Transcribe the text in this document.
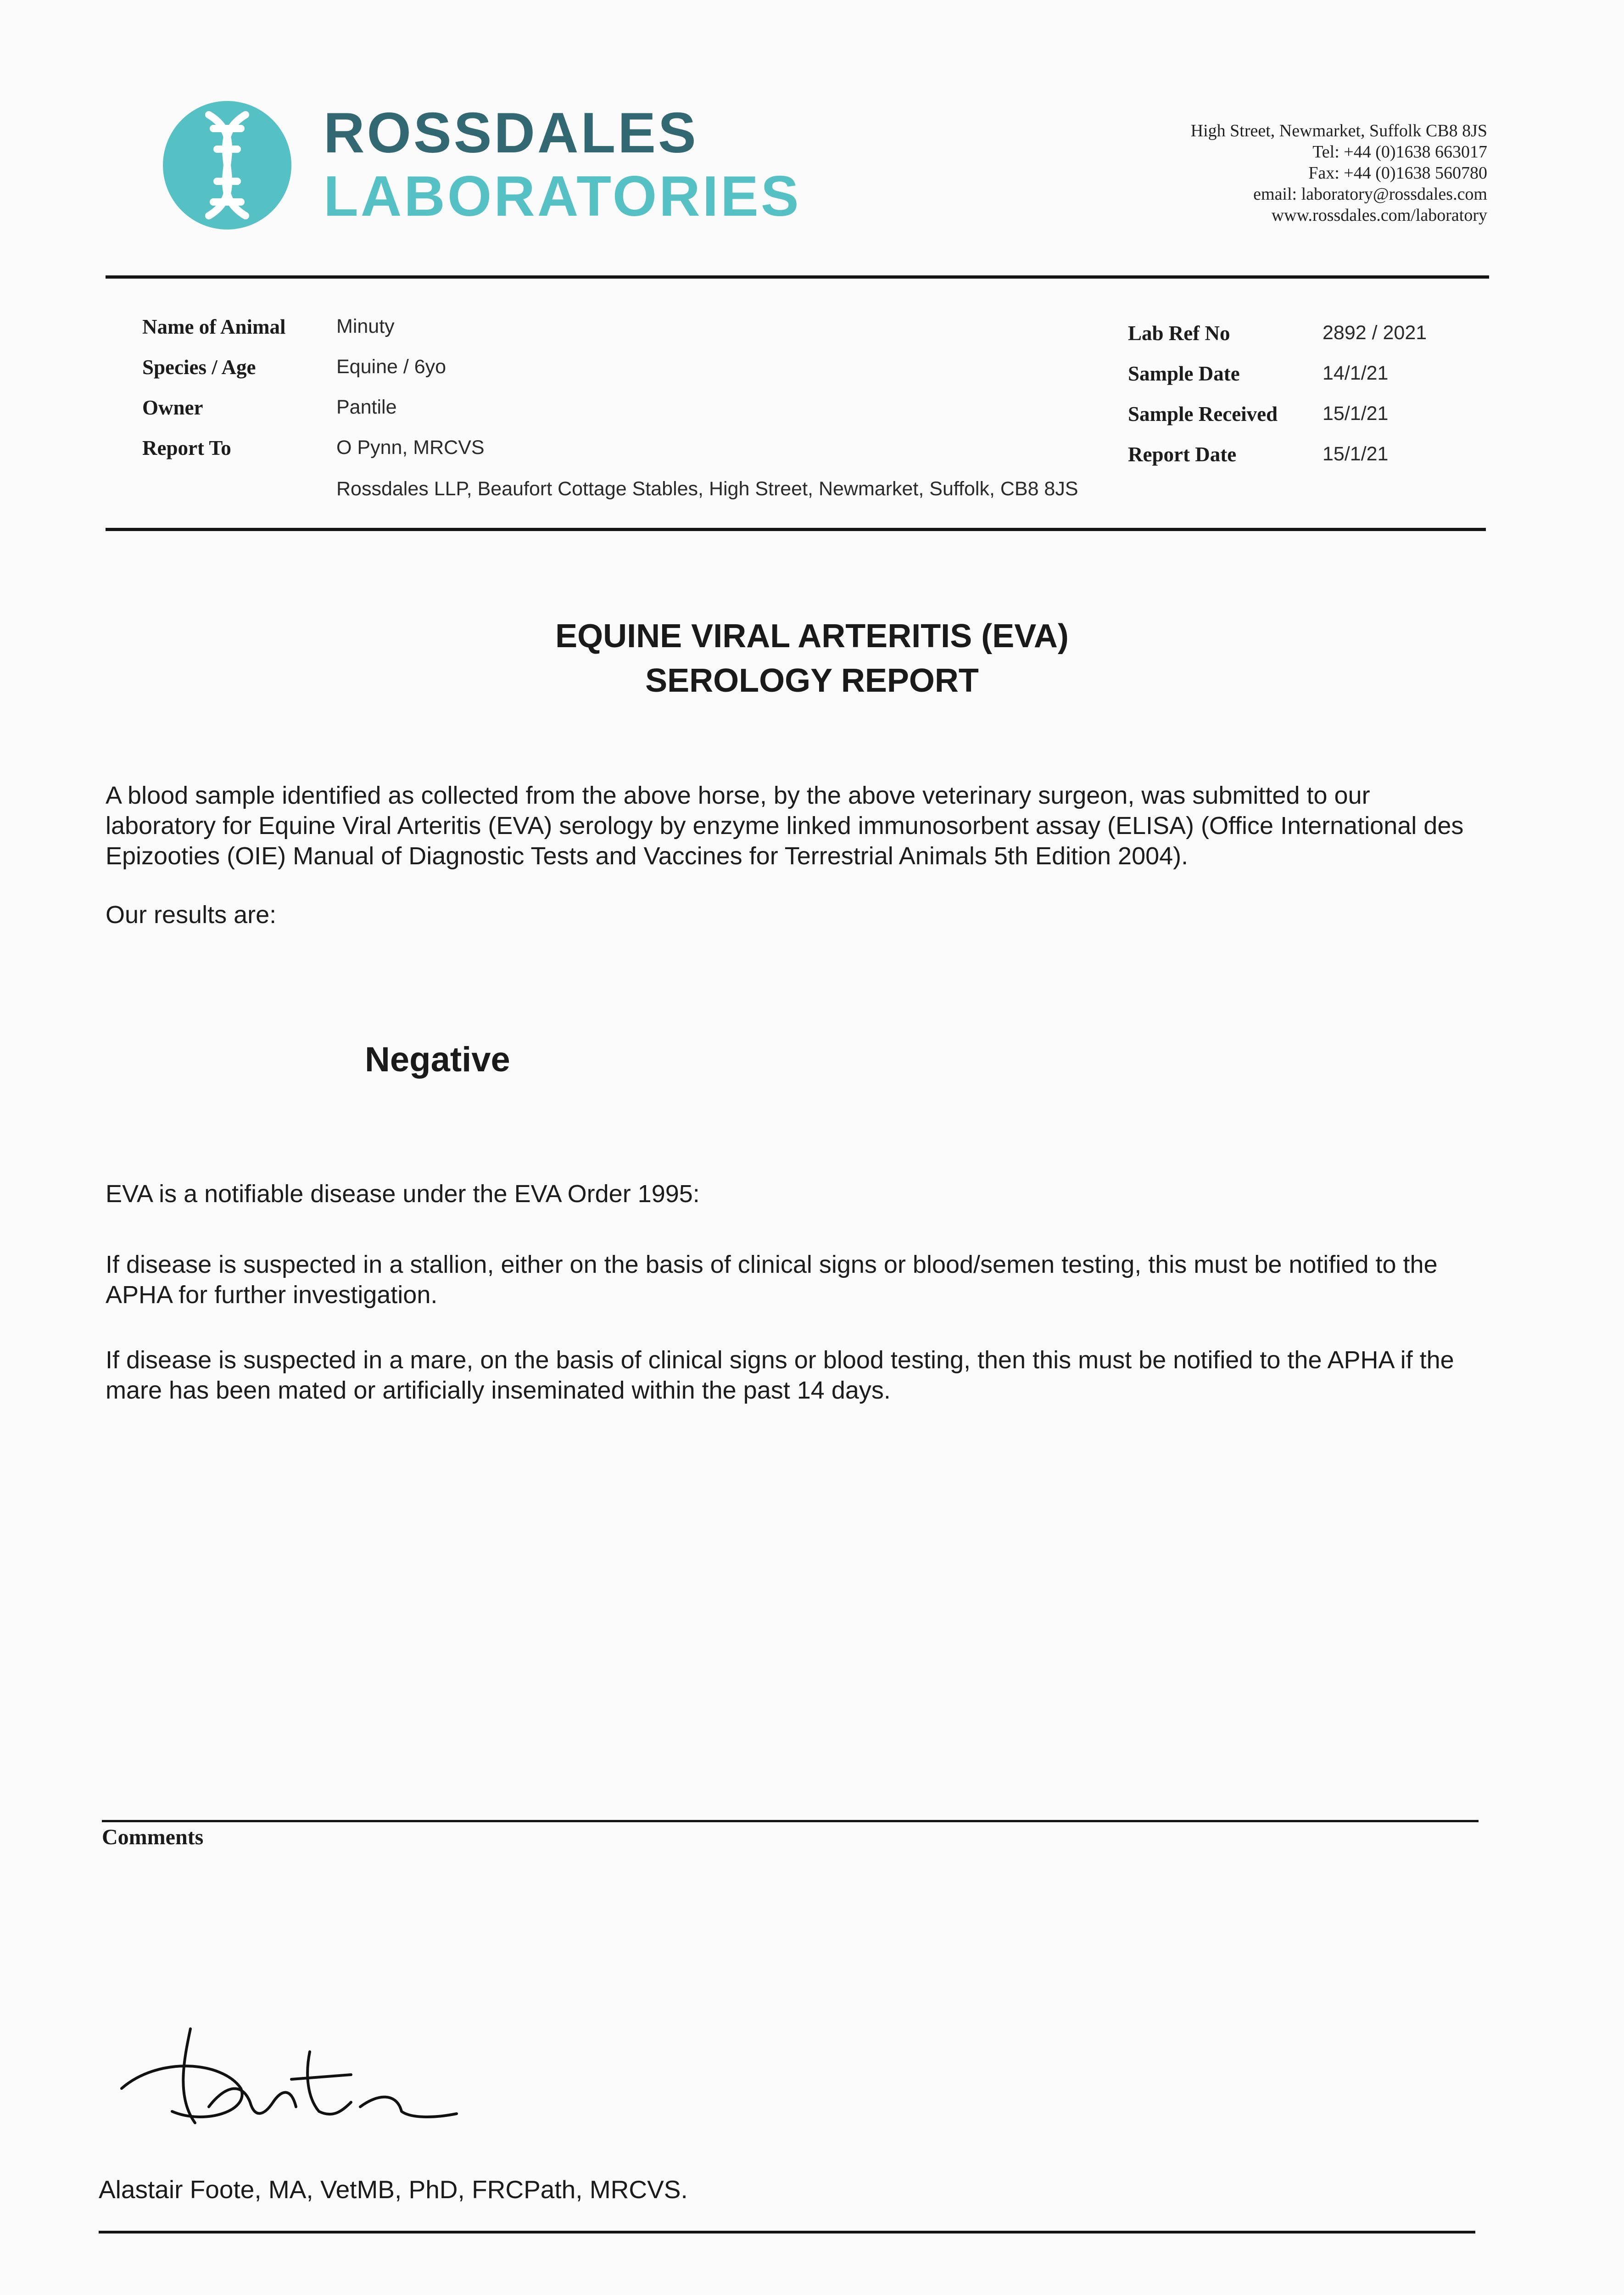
ROSSDALES
LABORATORIES
High Street, Newmarket, Suffolk CB8 8JS
Tel: +44 (0)1638 663017
Fax: +44 (0)1638 560780
email: laboratory@rossdales.com
www.rossdales.com/laboratory
Name of Animal	Minuty
Species / Age	Equine / 6yo
Owner	Pantile
Report To	O Pynn, MRCVS
Rossdales LLP, Beaufort Cottage Stables, High Street, Newmarket, Suffolk, CB8 8JS
Lab Ref No	2892 / 2021
Sample Date	14/1/21
Sample Received 15/1/21
Report Date	15/1/21
EQUINE VIRAL ARTERITIS (EVA)
SEROLOGY REPORT
A blood sample identified as collected from the above horse, by the above veterinary surgeon, was submitted to our laboratory for Equine Viral Arteritis (EVA) serology by enzyme linked immunosorbent assay (ELISA) (Office International des Epizooties (OIE) Manual of Diagnostic Tests and Vaccines for Terrestrial Animals 5th Edition 2004).
Our results are:
Negative
EVA is a notifiable disease under the EVA Order 1995:
If disease is suspected in a stallion, either on the basis of clinical signs or blood/semen testing, this must be notified to the APHA for further investigation.
If disease is suspected in a mare, on the basis of clinical signs or blood testing, then this must be notified to the APHA if the mare has been mated or artificially inseminated within the past 14 days.
Comments
Alastair Foote, MA, VetMB, PhD, FRCPath, MRCVS.
